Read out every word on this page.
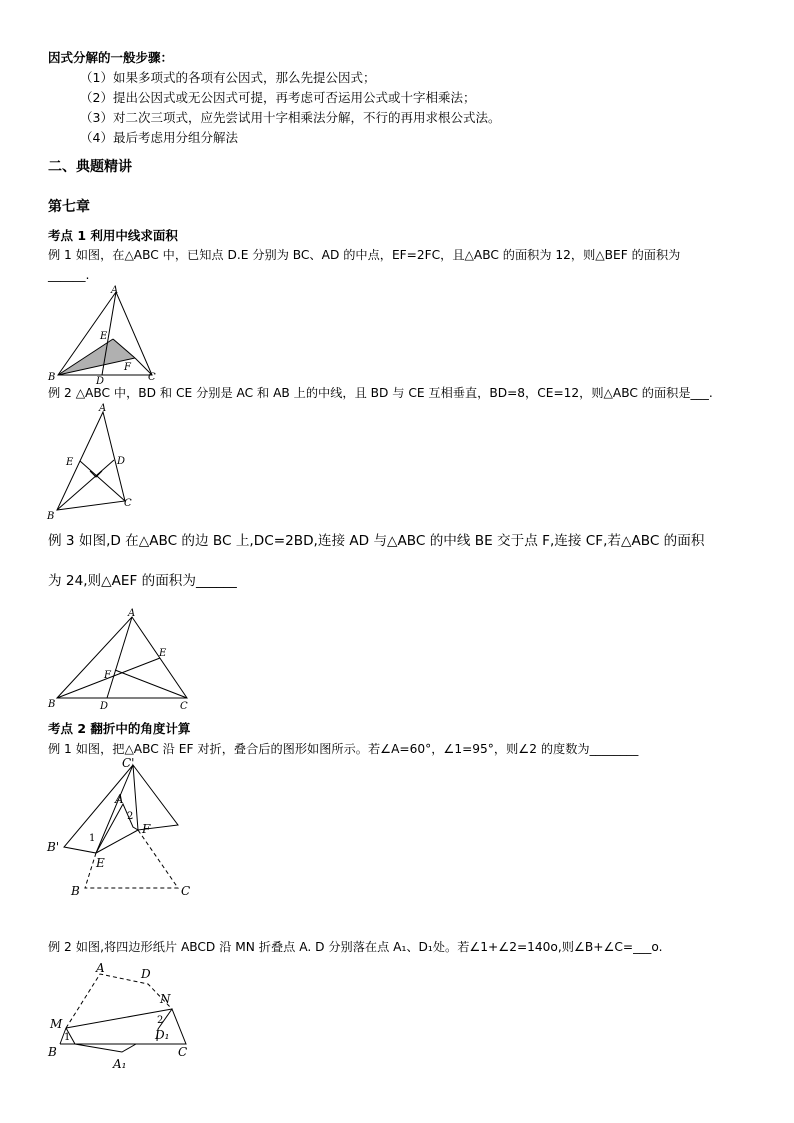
因式分解的一般步骤：
（1）如果多项式的各项有公因式，那么先提公因式；
（2）提出公因式或无公因式可提，再考虑可否运用公式或十字相乘法；
（3）对二次三项式，应先尝试用十字相乘法分解，不行的再用求根公式法。
（4）最后考虑用分组分解法
二、典题精讲
第七章
考点 1 利用中线求面积
例 1 如图，在△ABC 中，已知点 D.E 分别为 BC、AD 的中点，EF=2FC，且△ABC 的面积为 12，则△BEF 的面积为
______.
例 2 △ABC 中，BD 和 CE 分别是 AC 和 AB 上的中线，且 BD 与 CE 互相垂直，BD=8，CE=12，则△ABC 的面积是___.
例 3 如图,D 在△ABC 的边 BC 上,DC=2BD,连接 AD 与△ABC 的中线 BE 交于点 F,连接 CF,若△ABC 的面积
为 24,则△AEF 的面积为______
考点 2 翻折中的角度计算
例 1 如图，把△ABC 沿 EF 对折，叠合后的图形如图所示。若∠A=60°，∠1=95°，则∠2 的度数为________
例 2 如图,将四边形纸片 ABCD 沿 MN 折叠点 A. D 分别落在点 A₁、D₁处。若∠1+∠2=140o,则∠B+∠C=___o.
A
B	C
D
E
F
A
B
C
D
E
A
B	C
D
E
F
C'
A
B'
E
F
B	C
1
2
A	D
N
M
D₁
B	C
A₁
1
2
